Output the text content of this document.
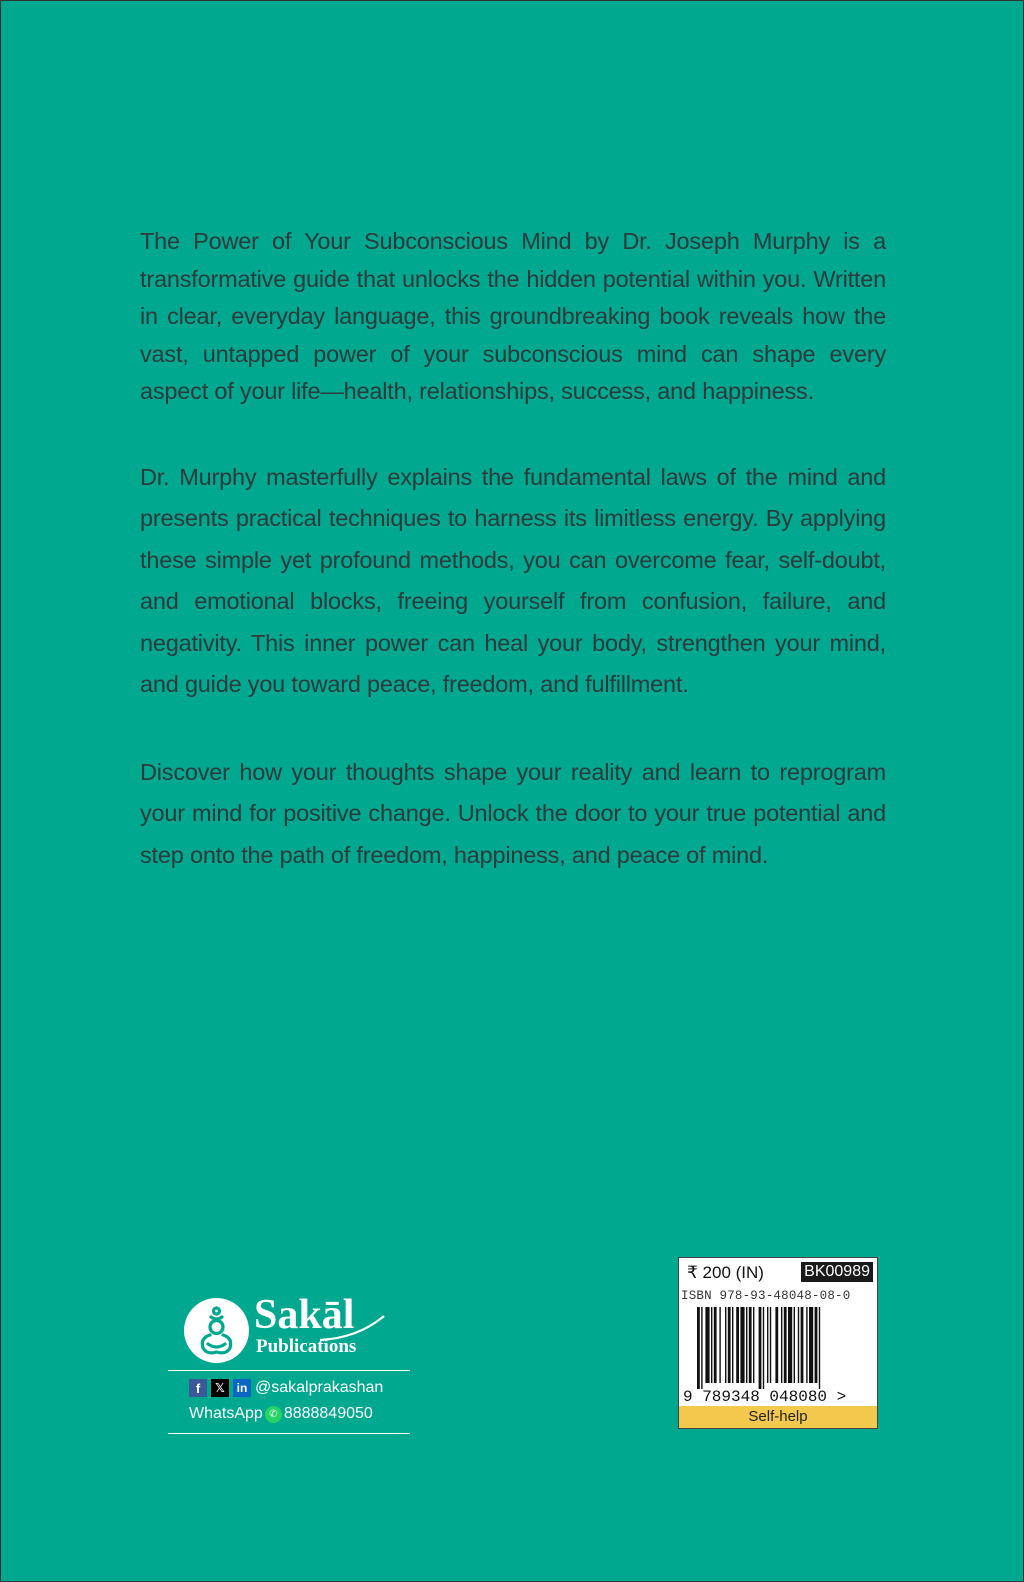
The Power of Your Subconscious Mind by Dr. Joseph Murphy is a transformative guide that unlocks the hidden potential within you. Written in clear, everyday language, this groundbreaking book reveals how the vast, untapped power of your subconscious mind can shape every aspect of your life—health, relationships, success, and happiness.

Dr. Murphy masterfully explains the fundamental laws of the mind and presents practical techniques to harness its limitless energy. By applying these simple yet profound methods, you can overcome fear, self-doubt, and emotional blocks, freeing yourself from confusion, failure, and negativity. This inner power can heal your body, strengthen your mind, and guide you toward peace, freedom, and fulfillment.

Discover how your thoughts shape your reality and learn to reprogram your mind for positive change. Unlock the door to your true potential and step onto the path of freedom, happiness, and peace of mind.

Sakāl
Publications
f	𝕏 in @sakalprakashan
WhatsApp ✆ 8888849050
₹ 200 (IN)	BK00989
ISBN 978-93-48048-08-0
9 789348 048080 >
Self-help
